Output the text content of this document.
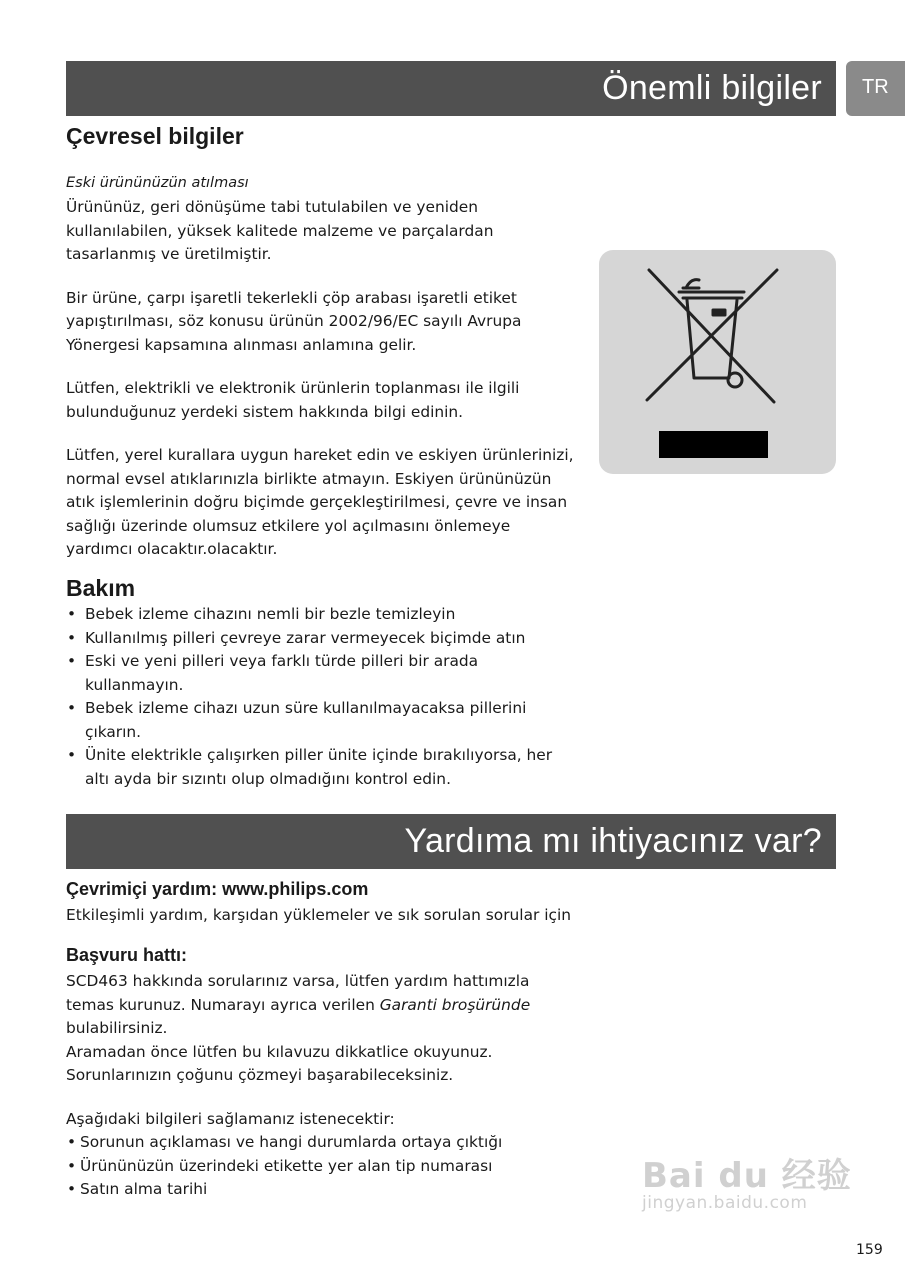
Önemli bilgiler	TR
Çevresel bilgiler

Eski ürününüzün atılması

Ürününüz, geri dönüşüme tabi tutulabilen ve yeniden kullanılabilen, yüksek kalitede malzeme ve parçalardan tasarlanmış ve üretilmiştir.

Bir ürüne, çarpı işaretli tekerlekli çöp arabası işaretli etiket yapıştırılması, söz konusu ürünün 2002/96/EC sayılı Avrupa Yönergesi kapsamına alınması anlamına gelir.

Lütfen, elektrikli ve elektronik ürünlerin toplanması ile ilgili bulunduğunuz yerdeki sistem hakkında bilgi edinin.

Lütfen, yerel kurallara uygun hareket edin ve eskiyen ürünlerinizi, normal evsel atıklarınızla birlikte atmayın. Eskiyen ürününüzün atık işlemlerinin doğru biçimde gerçekleştirilmesi, çevre ve insan sağlığı üzerinde olumsuz etkilere yol açılmasını önlemeye yardımcı olacaktır.olacaktır.

Bakım
• Bebek izleme cihazını nemli bir bezle temizleyin
• Kullanılmış pilleri çevreye zarar vermeyecek biçimde atın
• Eski ve yeni pilleri veya farklı türde pilleri bir arada kullanmayın.
• Bebek izleme cihazı uzun süre kullanılmayacaksa pillerini çıkarın.
• Ünite elektrikle çalışırken piller ünite içinde bırakılıyorsa, her altı ayda bir sızıntı olup olmadığını kontrol edin.
Yardıma mı ihtiyacınız var?
Çevrimiçi yardım: www.philips.com

Etkileşimli yardım, karşıdan yüklemeler ve sık sorulan sorular için

Başvuru hattı:

SCD463 hakkında sorularınız varsa, lütfen yardım hattımızla temas kurunuz. Numarayı ayrıca verilen Garanti broşüründe bulabilirsiniz.

Aramadan önce lütfen bu kılavuzu dikkatlice okuyunuz. Sorunlarınızın çoğunu çözmeyi başarabileceksiniz.

Aşağıdaki bilgileri sağlamanız istenecektir:

• Sorunun açıklaması ve hangi durumlarda ortaya çıktığı
• Ürününüzün üzerindeki etikette yer alan tip numarası
• Satın alma tarihi	Bai du 经验
jingyan.baidu.com
159
